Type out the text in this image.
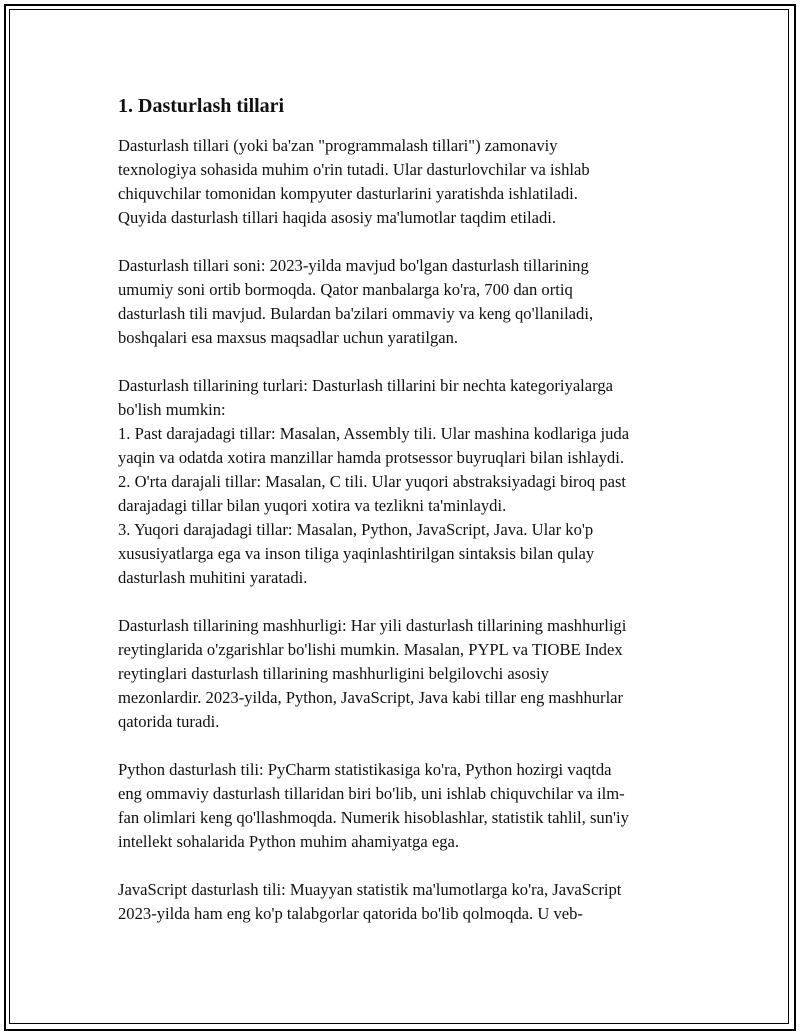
1. Dasturlash tillari

Dasturlash tillari (yoki ba'zan "programmalash tillari") zamonaviy
texnologiya sohasida muhim o'rin tutadi. Ular dasturlovchilar va ishlab
chiquvchilar tomonidan kompyuter dasturlarini yaratishda ishlatiladi.
Quyida dasturlash tillari haqida asosiy ma'lumotlar taqdim etiladi.

Dasturlash tillari soni: 2023-yilda mavjud bo'lgan dasturlash tillarining
umumiy soni ortib bormoqda. Qator manbalarga ko'ra, 700 dan ortiq
dasturlash tili mavjud. Bulardan ba'zilari ommaviy va keng qo'llaniladi,
boshqalari esa maxsus maqsadlar uchun yaratilgan.

Dasturlash tillarining turlari: Dasturlash tillarini bir nechta kategoriyalarga
bo'lish mumkin:
1. Past darajadagi tillar: Masalan, Assembly tili. Ular mashina kodlariga juda
yaqin va odatda xotira manzillar hamda protsessor buyruqlari bilan ishlaydi.
2. O'rta darajali tillar: Masalan, C tili. Ular yuqori abstraksiyadagi biroq past
darajadagi tillar bilan yuqori xotira va tezlikni ta'minlaydi.
3. Yuqori darajadagi tillar: Masalan, Python, JavaScript, Java. Ular ko'p
xususiyatlarga ega va inson tiliga yaqinlashtirilgan sintaksis bilan qulay
dasturlash muhitini yaratadi.

Dasturlash tillarining mashhurligi: Har yili dasturlash tillarining mashhurligi
reytinglarida o'zgarishlar bo'lishi mumkin. Masalan, PYPL va TIOBE Index
reytinglari dasturlash tillarining mashhurligini belgilovchi asosiy
mezonlardir. 2023-yilda, Python, JavaScript, Java kabi tillar eng mashhurlar
qatorida turadi.

Python dasturlash tili: PyCharm statistikasiga ko'ra, Python hozirgi vaqtda
eng ommaviy dasturlash tillaridan biri bo'lib, uni ishlab chiquvchilar va ilm-
fan olimlari keng qo'llashmoqda. Numerik hisoblashlar, statistik tahlil, sun'iy
intellekt sohalarida Python muhim ahamiyatga ega.

JavaScript dasturlash tili: Muayyan statistik ma'lumotlarga ko'ra, JavaScript
2023-yilda ham eng ko'p talabgorlar qatorida bo'lib qolmoqda. U veb-
